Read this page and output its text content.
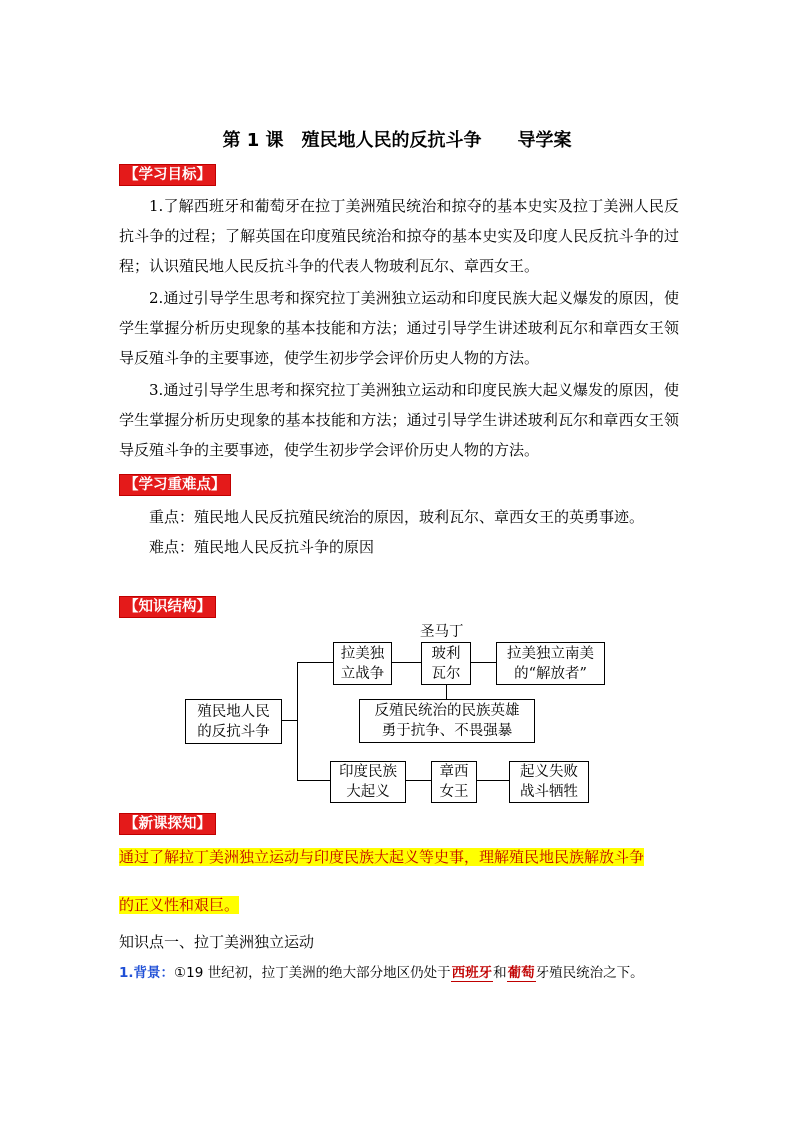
第 1 课　殖民地人民的反抗斗争　　导学案
【学习目标】
1.了解西班牙和葡萄牙在拉丁美洲殖民统治和掠夺的基本史实及拉丁美洲人民反抗斗争的过程；了解英国在印度殖民统治和掠夺的基本史实及印度人民反抗斗争的过程；认识殖民地人民反抗斗争的代表人物玻利瓦尔、章西女王。
2.通过引导学生思考和探究拉丁美洲独立运动和印度民族大起义爆发的原因，使学生掌握分析历史现象的基本技能和方法；通过引导学生讲述玻利瓦尔和章西女王领导反殖斗争的主要事迹，使学生初步学会评价历史人物的方法。
3.通过引导学生思考和探究拉丁美洲独立运动和印度民族大起义爆发的原因，使学生掌握分析历史现象的基本技能和方法；通过引导学生讲述玻利瓦尔和章西女王领导反殖斗争的主要事迹，使学生初步学会评价历史人物的方法。
【学习重难点】
重点：殖民地人民反抗殖民统治的原因，玻利瓦尔、章西女王的英勇事迹。
难点：殖民地人民反抗斗争的原因
【知识结构】
殖民地人民
的反抗斗争
拉美独
立战争
圣马丁
玻利
瓦尔
拉美独立南美
的“解放者”
反殖民统治的民族英雄
勇于抗争、不畏强暴
印度民族
大起义
章西
女王
起义失败
战斗牺牲
【新课探知】
通过了解拉丁美洲独立运动与印度民族大起义等史事，理解殖民地民族解放斗争
的正义性和艰巨。
知识点一、拉丁美洲独立运动
1.背景：①19 世纪初，拉丁美洲的绝大部分地区仍处于西班牙和葡萄牙殖民统治之下。
